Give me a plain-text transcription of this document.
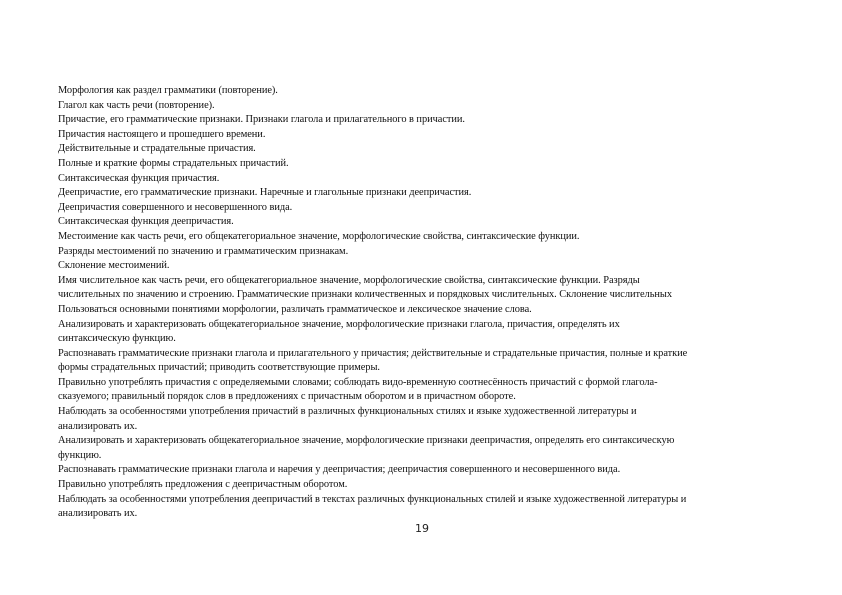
Морфология как раздел грамматики (повторение).
Глагол как часть речи (повторение).
Причастие, его грамматические признаки. Признаки глагола и прилагательного в причастии.
Причастия настоящего и прошедшего времени.
Действительные и страдательные причастия.
Полные и краткие формы страдательных причастий.
Синтаксическая функция причастия.
Деепричастие, его грамматические признаки. Наречные и глагольные признаки деепричастия.
Деепричастия совершенного и несовершенного вида.
Синтаксическая функция деепричастия.
Местоимение как часть речи, его общекатегориальное значение, морфологические свойства, синтаксические функции.
Разряды местоимений по значению и грамматическим признакам.
Склонение местоимений.
Имя числительное как часть речи, его общекатегориальное значение, морфологические свойства, синтаксические функции. Разряды
числительных по значению и строению. Грамматические признаки количественных и порядковых числительных. Склонение числительных
Пользоваться основными понятиями морфологии, различать грамматическое и лексическое значение слова.
Анализировать и характеризовать общекатегориальное значение, морфологические признаки глагола, причастия, определять их
синтаксическую функцию.
Распознавать грамматические признаки глагола и прилагательного у причастия; действительные и страдательные причастия, полные и краткие
формы страдательных причастий; приводить соответствующие примеры.
Правильно употреблять причастия с определяемыми словами; соблюдать видо-временную соотнесённость причастий с формой глагола-
сказуемого; правильный порядок слов в предложениях с причастным оборотом и в причастном обороте.
Наблюдать за особенностями употребления причастий в различных функциональных стилях и языке художественной литературы и
анализировать их.
Анализировать и характеризовать общекатегориальное значение, морфологические признаки деепричастия, определять его синтаксическую
функцию.
Распознавать грамматические признаки глагола и наречия у деепричастия; деепричастия совершенного и несовершенного вида.
Правильно употреблять предложения с деепричастным оборотом.
Наблюдать за особенностями употребления деепричастий в текстах различных функциональных стилей и языке художественной литературы и
анализировать их.
19
